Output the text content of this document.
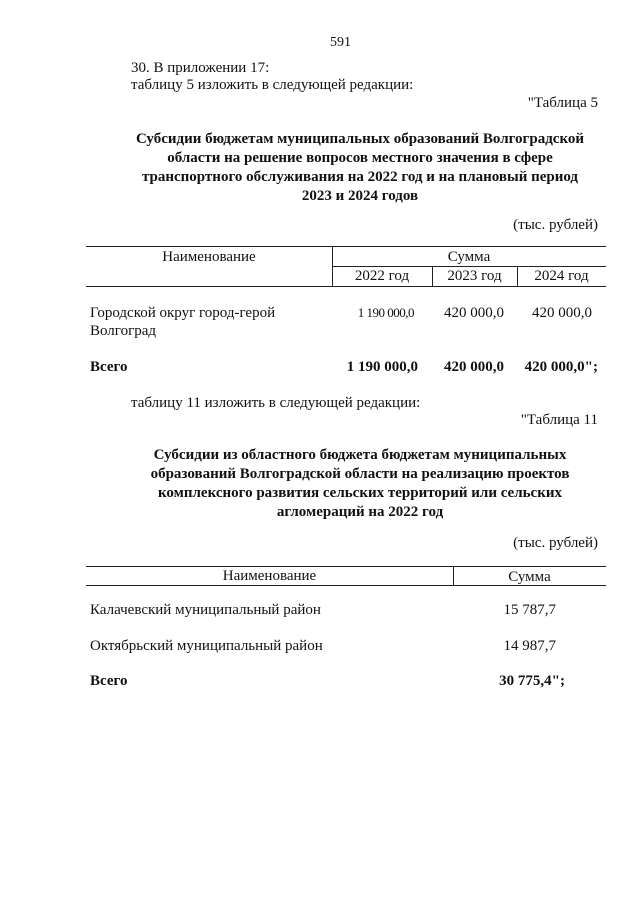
591
30. В приложении 17:
таблицу 5 изложить в следующей редакции:
"Таблица 5
Субсидии бюджетам муниципальных образований Волгоградской
области на решение вопросов местного значения в сфере
транспортного обслуживания на 2022 год и на плановый период
2023 и 2024 годов
(тыс. рублей)
Наименование	Сумма
2022 год	2023 год	2024 год
Городской округ город-герой
Волгоград
1 190 000,0	420 000,0	420 000,0
Всего	1 190 000,0	420 000,0	420 000,0";
таблицу 11 изложить в следующей редакции:
"Таблица 11
Субсидии из областного бюджета бюджетам муниципальных
образований Волгоградской области на реализацию проектов
комплексного развития сельских территорий или сельских
агломераций на 2022 год
(тыс. рублей)
Наименование	Сумма
Калачевский муниципальный район	15 787,7
Октябрьский муниципальный район	14 987,7
Всего	30 775,4";
